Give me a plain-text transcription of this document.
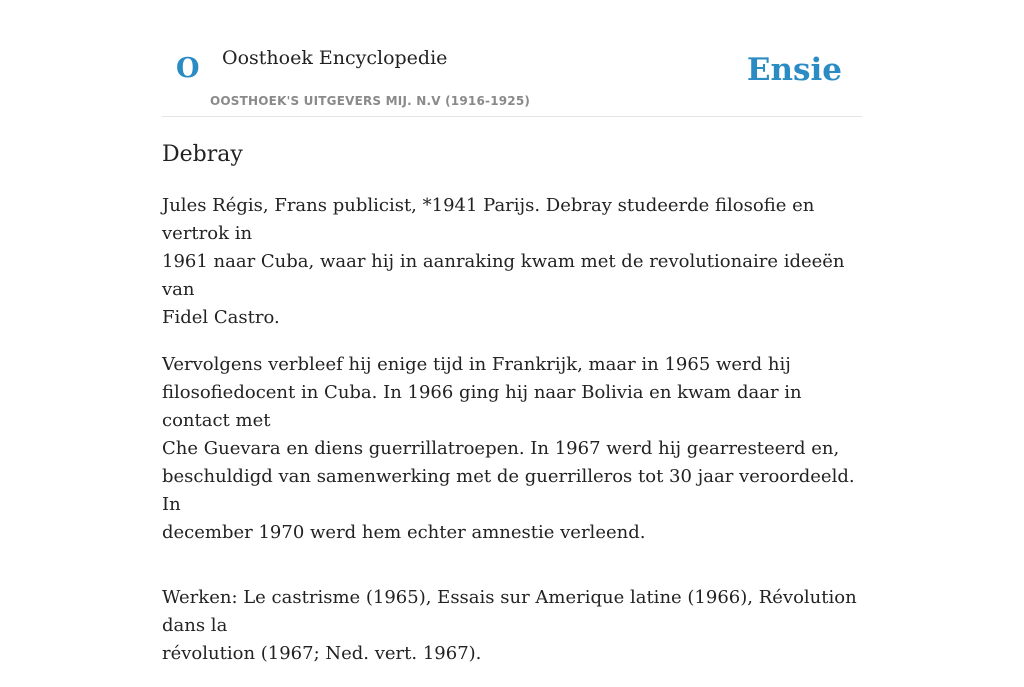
O Oosthoek Encyclopedie
OOSTHOEK'S UITGEVERS MIJ. N.V (1916-1925)
Ensie
Debray

Jules Régis, Frans publicist, *1941 Parijs. Debray studeerde filosofie en vertrok in
1961 naar Cuba, waar hij in aanraking kwam met de revolutionaire ideeën van
Fidel Castro.

Vervolgens verbleef hij enige tijd in Frankrijk, maar in 1965 werd hij
filosofiedocent in Cuba. In 1966 ging hij naar Bolivia en kwam daar in contact met
Che Guevara en diens guerrillatroepen. In 1967 werd hij gearresteerd en,
beschuldigd van samenwerking met de guerrilleros tot 30 jaar veroordeeld. In
december 1970 werd hem echter amnestie verleend.

Werken: Le castrisme (1965), Essais sur Amerique latine (1966), Révolution dans la
révolution (1967; Ned. vert. 1967).
